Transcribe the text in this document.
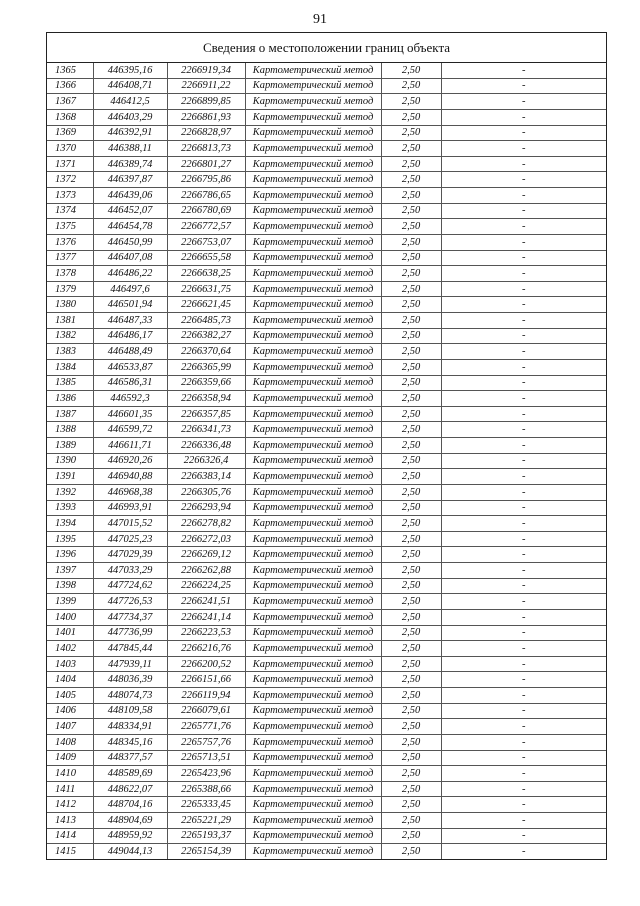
91
Сведения о местоположении границ объекта
1365	446395,16	2266919,34	Картометрический метод	2,50	-
1366	446408,71	2266911,22	Картометрический метод	2,50	-
1367	446412,5	2266899,85	Картометрический метод	2,50	-
1368	446403,29	2266861,93	Картометрический метод	2,50	-
1369	446392,91	2266828,97	Картометрический метод	2,50	-
1370	446388,11	2266813,73	Картометрический метод	2,50	-
1371	446389,74	2266801,27	Картометрический метод	2,50	-
1372	446397,87	2266795,86	Картометрический метод	2,50	-
1373	446439,06	2266786,65	Картометрический метод	2,50	-
1374	446452,07	2266780,69	Картометрический метод	2,50	-
1375	446454,78	2266772,57	Картометрический метод	2,50	-
1376	446450,99	2266753,07	Картометрический метод	2,50	-
1377	446407,08	2266655,58	Картометрический метод	2,50	-
1378	446486,22	2266638,25	Картометрический метод	2,50	-
1379	446497,6	2266631,75	Картометрический метод	2,50	-
1380	446501,94	2266621,45	Картометрический метод	2,50	-
1381	446487,33	2266485,73	Картометрический метод	2,50	-
1382	446486,17	2266382,27	Картометрический метод	2,50	-
1383	446488,49	2266370,64	Картометрический метод	2,50	-
1384	446533,87	2266365,99	Картометрический метод	2,50	-
1385	446586,31	2266359,66	Картометрический метод	2,50	-
1386	446592,3	2266358,94	Картометрический метод	2,50	-
1387	446601,35	2266357,85	Картометрический метод	2,50	-
1388	446599,72	2266341,73	Картометрический метод	2,50	-
1389	446611,71	2266336,48	Картометрический метод	2,50	-
1390	446920,26	2266326,4	Картометрический метод	2,50	-
1391	446940,88	2266383,14	Картометрический метод	2,50	-
1392	446968,38	2266305,76	Картометрический метод	2,50	-
1393	446993,91	2266293,94	Картометрический метод	2,50	-
1394	447015,52	2266278,82	Картометрический метод	2,50	-
1395	447025,23	2266272,03	Картометрический метод	2,50	-
1396	447029,39	2266269,12	Картометрический метод	2,50	-
1397	447033,29	2266262,88	Картометрический метод	2,50	-
1398	447724,62	2266224,25	Картометрический метод	2,50	-
1399	447726,53	2266241,51	Картометрический метод	2,50	-
1400	447734,37	2266241,14	Картометрический метод	2,50	-
1401	447736,99	2266223,53	Картометрический метод	2,50	-
1402	447845,44	2266216,76	Картометрический метод	2,50	-
1403	447939,11	2266200,52	Картометрический метод	2,50	-
1404	448036,39	2266151,66	Картометрический метод	2,50	-
1405	448074,73	2266119,94	Картометрический метод	2,50	-
1406	448109,58	2266079,61	Картометрический метод	2,50	-
1407	448334,91	2265771,76	Картометрический метод	2,50	-
1408	448345,16	2265757,76	Картометрический метод	2,50	-
1409	448377,57	2265713,51	Картометрический метод	2,50	-
1410	448589,69	2265423,96	Картометрический метод	2,50	-
1411	448622,07	2265388,66	Картометрический метод	2,50	-
1412	448704,16	2265333,45	Картометрический метод	2,50	-
1413	448904,69	2265221,29	Картометрический метод	2,50	-
1414	448959,92	2265193,37	Картометрический метод	2,50	-
1415	449044,13	2265154,39	Картометрический метод	2,50	-
